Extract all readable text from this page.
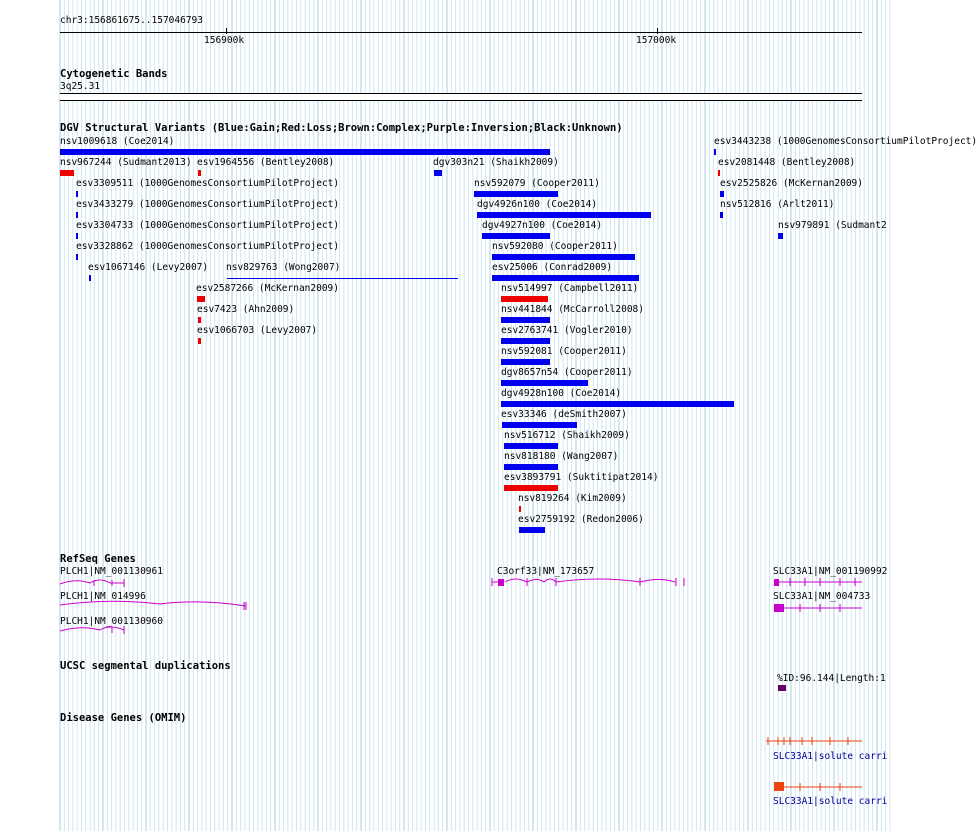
chr3:156861675..157046793
156900k	157000k
Cytogenetic Bands
3q25.31
DGV Structural Variants (Blue:Gain;Red:Loss;Brown:Complex;Purple:Inversion;Black:Unknown)
nsv1009618 (Coe2014)	esv3443238 (1000GenomesConsortiumPilotProject)
nsv967244 (Sudmant2013) esv1964556 (Bentley2008)	dgv303n21 (Shaikh2009)	esv2081448 (Bentley2008)
esv3309511 (1000GenomesConsortiumPilotProject)	nsv592079 (Cooper2011)	esv2525826 (McKernan2009)
esv3433279 (1000GenomesConsortiumPilotProject)	dgv4926n100 (Coe2014)	nsv512816 (Arlt2011)
esv3304733 (1000GenomesConsortiumPilotProject)	dgv4927n100 (Coe2014)	nsv979891 (Sudmant2
esv3328862 (1000GenomesConsortiumPilotProject)	nsv592080 (Cooper2011)
esv1067146 (Levy2007) nsv829763 (Wong2007)	esv25006 (Conrad2009)
esv2587266 (McKernan2009)	nsv514997 (Campbell2011)
esv7423 (Ahn2009)	nsv441844 (McCarroll2008)
esv1066703 (Levy2007)	esv2763741 (Vogler2010)
nsv592081 (Cooper2011)
dgv8657n54 (Cooper2011)
dgv4928n100 (Coe2014)
esv33346 (deSmith2007)
nsv516712 (Shaikh2009)
nsv818180 (Wang2007)
esv3893791 (Suktitipat2014)
nsv819264 (Kim2009)
esv2759192 (Redon2006)
RefSeq Genes
PLCH1|NM_001130961
PLCH1|NM_014996
PLCH1|NM_001130960
C3orf33|NM_173657	SLC33A1|NM_001190992
SLC33A1|NM_004733
UCSC segmental duplications
%ID:96.144|Length:1
Disease Genes (OMIM)
SLC33A1|solute carri
SLC33A1|solute carri
